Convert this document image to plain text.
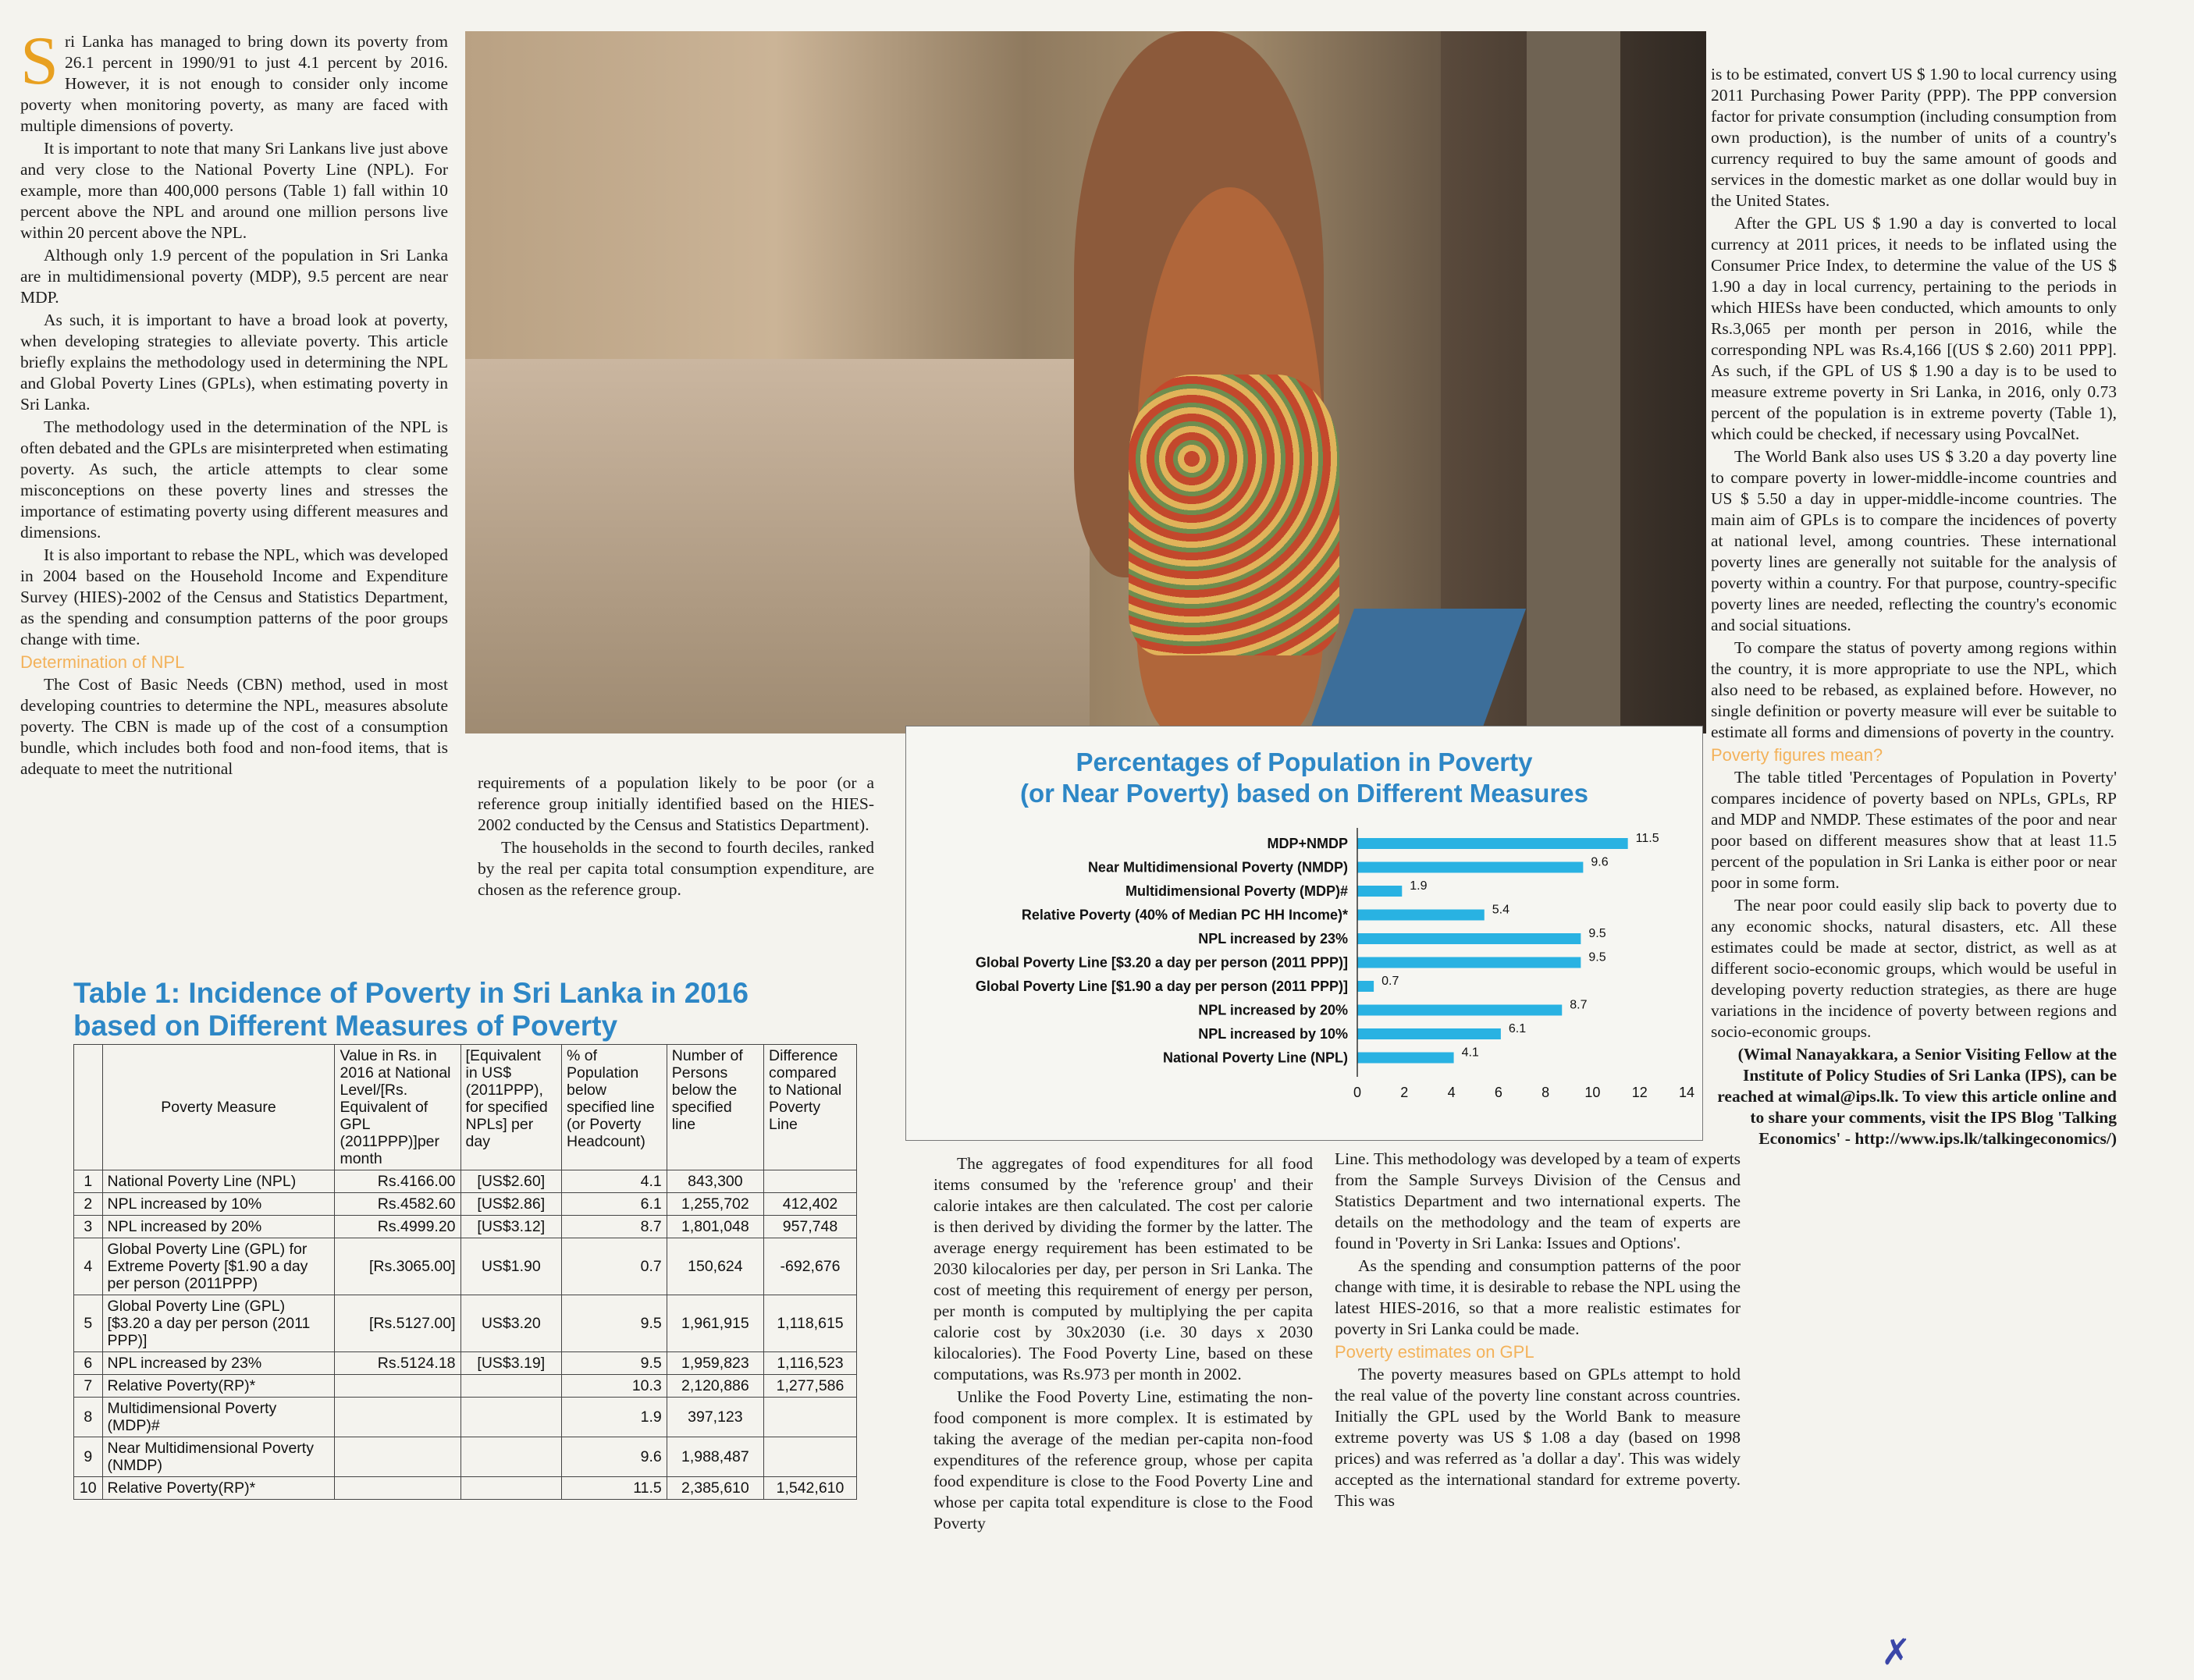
Sri Lanka has managed to bring down its poverty from 26.1 percent in 1990/91 to just 4.1 percent by 2016. However, it is not enough to consider only income poverty when monitoring poverty, as many are faced with multiple dimensions of poverty.

It is important to note that many Sri Lankans live just above and very close to the National Poverty Line (NPL). For example, more than 400,000 persons (Table 1) fall within 10 percent above the NPL and around one million persons live within 20 percent above the NPL.

Although only 1.9 percent of the population in Sri Lanka are in multidimensional poverty (MDP), 9.5 percent are near MDP.

As such, it is important to have a broad look at poverty, when developing strategies to alleviate poverty. This article briefly explains the methodology used in determining the NPL and Global Poverty Lines (GPLs), when estimating poverty in Sri Lanka.

The methodology used in the determination of the NPL is often debated and the GPLs are misinterpreted when estimating poverty. As such, the article attempts to clear some misconceptions on these poverty lines and stresses the importance of estimating poverty using different measures and dimensions.

It is also important to rebase the NPL, which was developed in 2004 based on the Household Income and Expenditure Survey (HIES)-2002 of the Census and Statistics Department, as the spending and consumption patterns of the poor groups change with time.

Determination of NPL

The Cost of Basic Needs (CBN) method, used in most developing countries to determine the NPL, measures absolute poverty. The CBN is made up of the cost of a consumption bundle, which includes both food and non-food items, that is adequate to meet the nutritional

requirements of a population likely to be poor (or a reference group initially identified based on the HIES-2002 conducted by the Census and Statistics Department).

The households in the second to fourth deciles, ranked by the real per capita total consumption expenditure, are chosen as the reference group.

Table 1: Incidence of Poverty in Sri Lanka in 2016
based on Different Measures of Poverty
	Poverty Measure	Value in Rs. in 2016 at National Level/[Rs. Equivalent of GPL (2011PPP)]per month	[Equivalent in US$ (2011PPP), for specified NPLs] per day	% of Population below specified line (or Poverty Headcount)	Number of Persons below the specified line	Difference compared to National Poverty Line
1	National Poverty Line (NPL)	Rs.4166.00	[US$2.60]	4.1	843,300	
2	NPL increased by 10%	Rs.4582.60	[US$2.86]	6.1	1,255,702	412,402
3	NPL increased by 20%	Rs.4999.20	[US$3.12]	8.7	1,801,048	957,748
4	Global Poverty Line (GPL) for Extreme Poverty [$1.90 a day per person (2011PPP)	[Rs.3065.00]	US$1.90	0.7	150,624	-692,676
5	Global Poverty Line (GPL) [$3.20 a day per person (2011 PPP)]	[Rs.5127.00]	US$3.20	9.5	1,961,915	1,118,615
6	NPL increased by 23%	Rs.5124.18	[US$3.19]	9.5	1,959,823	1,116,523
7	Relative Poverty(RP)*			10.3	2,120,886	1,277,586
8	Multidimensional Poverty (MDP)#			1.9	397,123	
9	Near Multidimensional Poverty (NMDP)			9.6	1,988,487	
10	Relative Poverty(RP)*			11.5	2,385,610	1,542,610
Percentages of Population in Poverty
(or Near Poverty) based on Different Measures
MDP+NMDP	11.5
Near Multidimensional Poverty (NMDP)	9.6
Multidimensional Poverty (MDP)#	1.9
Relative Poverty (40% of Median PC HH Income)*	5.4
NPL increased by 23%	9.5
Global Poverty Line [$3.20 a day per person (2011 PPP)]	9.5
Global Poverty Line [$1.90 a day per person (2011 PPP)]	0.7
NPL increased by 20%	8.7
NPL increased by 10%	6.1
National Poverty Line (NPL)	4.1
0	2	4	6	8	10 12 14

The aggregates of food expenditures for all food items consumed by the 'reference group' and their calorie intakes are then calculated. The cost per calorie is then derived by dividing the former by the latter. The average energy requirement has been estimated to be 2030 kilocalories per day, per person in Sri Lanka. The cost of meeting this requirement of energy per person, per month is computed by multiplying the per capita calorie cost by 30x2030 (i.e. 30 days x 2030 kilocalories). The Food Poverty Line, based on these computations, was Rs.973 per month in 2002.

Unlike the Food Poverty Line, estimating the non-food component is more complex. It is estimated by taking the average of the median per-capita non-food expenditures of the reference group, whose per capita food expenditure is close to the Food Poverty Line and whose per capita total expenditure is close to the Food Poverty

Line. This methodology was developed by a team of experts from the Sample Surveys Division of the Census and Statistics Department and two international experts. The details on the methodology and the team of experts are found in 'Poverty in Sri Lanka: Issues and Options'.

As the spending and consumption patterns of the poor change with time, it is desirable to rebase the NPL using the latest HIES-2016, so that a more realistic estimates for poverty in Sri Lanka could be made.

Poverty estimates on GPL

The poverty measures based on GPLs attempt to hold the real value of the poverty line constant across countries. Initially the GPL used by the World Bank to measure extreme poverty was US $ 1.08 a day (based on 1998 prices) and was referred as 'a dollar a day'. This was widely accepted as the international standard for extreme poverty. This was

is to be estimated, convert US $ 1.90 to local currency using 2011 Purchasing Power Parity (PPP). The PPP conversion factor for private consumption (including consumption from own production), is the number of units of a country's currency required to buy the same amount of goods and services in the domestic market as one dollar would buy in the United States.

After the GPL US $ 1.90 a day is converted to local currency at 2011 prices, it needs to be inflated using the Consumer Price Index, to determine the value of the US $ 1.90 a day in local currency, pertaining to the periods in which HIESs have been conducted, which amounts to only Rs.3,065 per month per person in 2016, while the corresponding NPL was Rs.4,166 [(US $ 2.60) 2011 PPP]. As such, if the GPL of US $ 1.90 a day is to be used to measure extreme poverty in Sri Lanka, in 2016, only 0.73 percent of the population is in extreme poverty (Table 1), which could be checked, if necessary using PovcalNet.

The World Bank also uses US $ 3.20 a day poverty line to compare poverty in lower-middle-income countries and US $ 5.50 a day in upper-middle-income countries. The main aim of GPLs is to compare the incidences of poverty at national level, among countries. These international poverty lines are generally not suitable for the analysis of poverty within a country. For that purpose, country-specific poverty lines are needed, reflecting the country's economic and social situations.

To compare the status of poverty among regions within the country, it is more appropriate to use the NPL, which also need to be rebased, as explained before. However, no single definition or poverty measure will ever be suitable to estimate all forms and dimensions of poverty in the country.

Poverty figures mean?

The table titled 'Percentages of Population in Poverty' compares incidence of poverty based on NPLs, GPLs, RP and MDP and NMDP. These estimates of the poor and near poor based on different measures show that at least 11.5 percent of the population in Sri Lanka is either poor or near poor in some form.

The near poor could easily slip back to poverty due to any economic shocks, natural disasters, etc. All these estimates could be made at sector, district, as well as at different socio-economic groups, which would be useful in developing poverty reduction strategies, as there are huge variations in the incidence of poverty between regions and socio-economic groups.

(Wimal Nanayakkara, a Senior Visiting Fellow at the Institute of Policy Studies of Sri Lanka (IPS), can be reached at wimal@ips.lk. To view this article online and to share your comments, visit the IPS Blog 'Talking Economics' - http://www.ips.lk/talkingeconomics/)

✗
